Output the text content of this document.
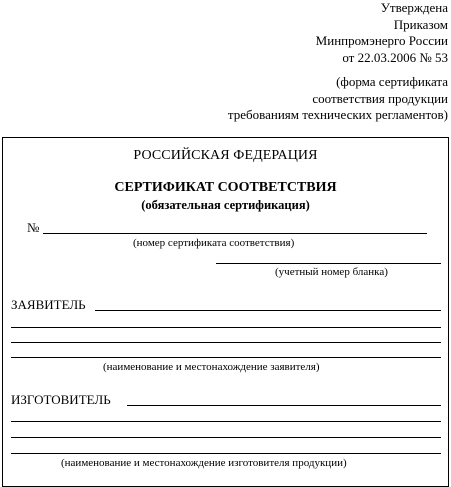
Утверждена
Приказом
Минпромэнерго России
от 22.03.2006 № 53
(форма сертификата
соответствия продукции
требованиям технических регламентов)
РОССИЙСКАЯ ФЕДЕРАЦИЯ
СЕРТИФИКАТ СООТВЕТСТВИЯ
(обязательная сертификация)
№
(номер сертификата соответствия)
(учетный номер бланка)
ЗАЯВИТЕЛЬ
(наименование и местонахождение заявителя)
ИЗГОТОВИТЕЛЬ
(наименование и местонахождение изготовителя продукции)
